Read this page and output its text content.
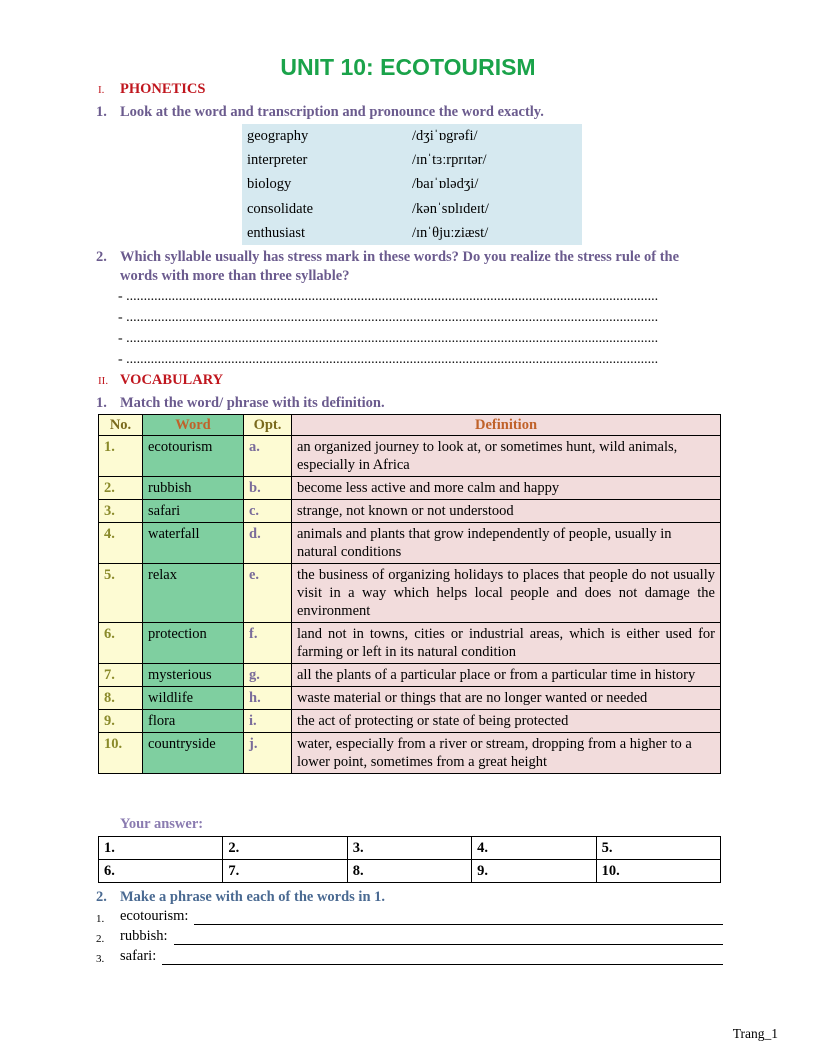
UNIT 10: ECOTOURISM
I. PHONETICS
1. Look at the word and transcription and pronounce the word exactly.
geography	/dʒiˈɒgrəfi/
interpreter	/ɪnˈtɜːrprɪtər/
biology	/baɪˈɒlədʒi/
consolidate	/kənˈsɒlɪdeɪt/
enthusiast	/ɪnˈθjuːziæst/
2. Which syllable usually has stress mark in these words? Do you realize the stress rule of the words with more than three syllable?
- ........................................................................................................................................................
- ........................................................................................................................................................
- ........................................................................................................................................................
- ........................................................................................................................................................
II. VOCABULARY
1. Match the word/ phrase with its definition.
No.	Word	Opt.	Definition
1.	ecotourism	a.	an organized journey to look at, or sometimes hunt, wild animals, especially in Africa
2.	rubbish	b.	become less active and more calm and happy
3.	safari	c.	strange, not known or not understood
4.	waterfall	d.	animals and plants that grow independently of people, usually in natural conditions
5.	relax	e.	the business of organizing holidays to places that people do not usually visit in a way which helps local people and does not damage the environment
6.	protection	f.	land not in towns, cities or industrial areas, which is either used for farming or left in its natural condition
7.	mysterious	g.	all the plants of a particular place or from a particular time in history
8.	wildlife	h.	waste material or things that are no longer wanted or needed
9.	flora	i.	the act of protecting or state of being protected
10.	countryside	j.	water, especially from a river or stream, dropping from a higher to a lower point, sometimes from a great height
Your answer:
1.	2.	3.	4.	5.
6.	7.	8.	9.	10.
2. Make a phrase with each of the words in 1.
1.	ecotourism:
2.	rubbish:
3.	safari:
Trang_1
